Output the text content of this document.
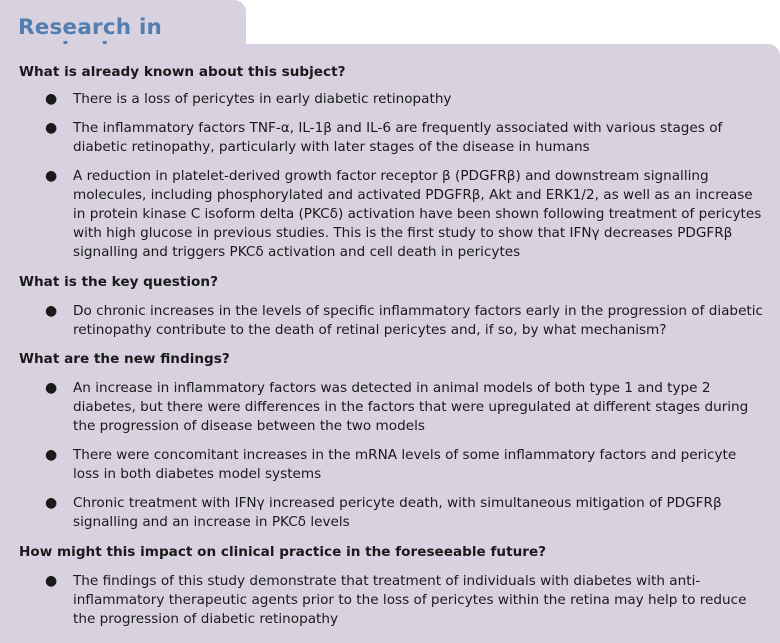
Research in
What is already known about this subject?
● There is a loss of pericytes in early diabetic retinopathy
● The inflammatory factors TNF-α, IL-1β and IL-6 are frequently associated with various stages of diabetic retinopathy, particularly with later stages of the disease in humans
● A reduction in platelet-derived growth factor receptor β (PDGFRβ) and downstream signalling molecules, including phosphorylated and activated PDGFRβ, Akt and ERK1/2, as well as an increase in protein kinase C isoform delta (PKCδ) activation have been shown following treatment of pericytes with high glucose in previous studies. This is the first study to show that IFNγ decreases PDGFRβ signalling and triggers PKCδ activation and cell death in pericytes
What is the key question?
● Do chronic increases in the levels of specific inflammatory factors early in the progression of diabetic retinopathy contribute to the death of retinal pericytes and, if so, by what mechanism?
What are the new findings?
● An increase in inflammatory factors was detected in animal models of both type 1 and type 2 diabetes, but there were differences in the factors that were upregulated at different stages during the progression of disease between the two models
● There were concomitant increases in the mRNA levels of some inflammatory factors and pericyte loss in both diabetes model systems
● Chronic treatment with IFNγ increased pericyte death, with simultaneous mitigation of PDGFRβ signalling and an increase in PKCδ levels
How might this impact on clinical practice in the foreseeable future?
● The findings of this study demonstrate that treatment of individuals with diabetes with anti-inflammatory therapeutic agents prior to the loss of pericytes within the retina may help to reduce the progression of diabetic retinopathy
